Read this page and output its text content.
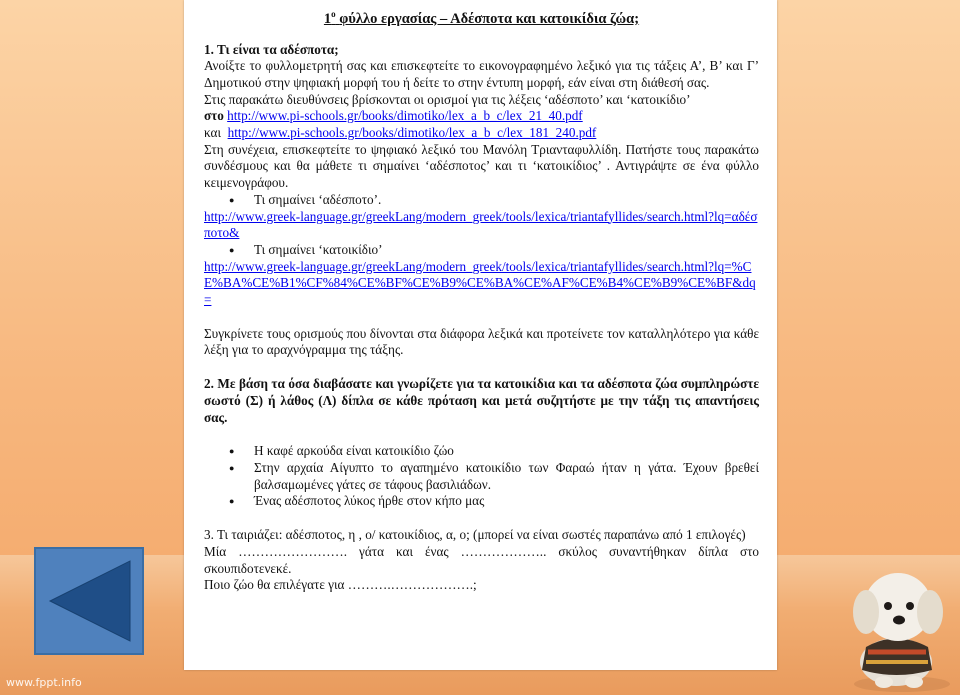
$1^o$ φύλλο εργασίας – Αδέσποτα και κατοικίδια ζώα;

1. Τι είναι τα αδέσποτα;

Ανοίξτε το φυλλομετρητή σας και επισκεφτείτε το εικονογραφημένο λεξικό για τις τάξεις Α’, Β’ και Γ’ Δημοτικού στην ψηφιακή μορφή του ή δείτε το στην έντυπη μορφή, εάν είναι στη διάθεσή σας.

Στις παρακάτω διευθύνσεις βρίσκονται οι ορισμοί για τις λέξεις ‘αδέσποτο’ και ‘κατοικίδιο’

στο http://www.pi-schools.gr/books/dimotiko/lex_a_b_c/lex_21_40.pdf

και http://www.pi-schools.gr/books/dimotiko/lex_a_b_c/lex_181_240.pdf

Στη συνέχεια, επισκεφτείτε το ψηφιακό λεξικό του Μανόλη Τριανταφυλλίδη. Πατήστε τους παρακάτω συνδέσμους και θα μάθετε τι σημαίνει ‘αδέσποτος’ και τι ‘κατοικίδιος’ . Αντιγράψτε σε ένα φύλλο κειμενογράφου.

● Τι σημαίνει ‘αδέσποτο’.

http://www.greek-language.gr/greekLang/modern_greek/tools/lexica/triantafyllides/search.html?lq=αδέσποτο&

● Τι σημαίνει ‘κατοικίδιο’

http://www.greek-language.gr/greekLang/modern_greek/tools/lexica/triantafyllides/search.html?lq=%CE%BA%CE%B1%CF%84%CE%BF%CE%B9%CE%BA%CE%AF%CE%B4%CE%B9%CE%BF&dq=

Συγκρίνετε τους ορισμούς που δίνονται στα διάφορα λεξικά και προτείνετε τον καταλληλότερο για κάθε λέξη για το αραχνόγραμμα της τάξης.

2. Με βάση τα όσα διαβάσατε και γνωρίζετε για τα κατοικίδια και τα αδέσποτα ζώα συμπληρώστε σωστό (Σ) ή λάθος (Λ) δίπλα σε κάθε πρόταση και μετά συζητήστε με την τάξη τις απαντήσεις σας.

● Η καφέ αρκούδα είναι κατοικίδιο ζώο

● Στην αρχαία Αίγυπτο το αγαπημένο κατοικίδιο των Φαραώ ήταν η γάτα. Έχουν βρεθεί βαλσαμωμένες γάτες σε τάφους βασιλιάδων.

● Ένας αδέσποτος λύκος ήρθε στον κήπο μας

3. Τι ταιριάζει: αδέσποτος, η , ο/ κατοικίδιος, α, ο; (μπορεί να είναι σωστές παραπάνω από 1 επιλογές)

Μία ……………………. γάτα και ένας ……………….. σκύλος συναντήθηκαν δίπλα στο σκουπιδοτενεκέ.

Ποιο ζώο θα επιλέγατε για ……….……………….;

www.fppt.info
